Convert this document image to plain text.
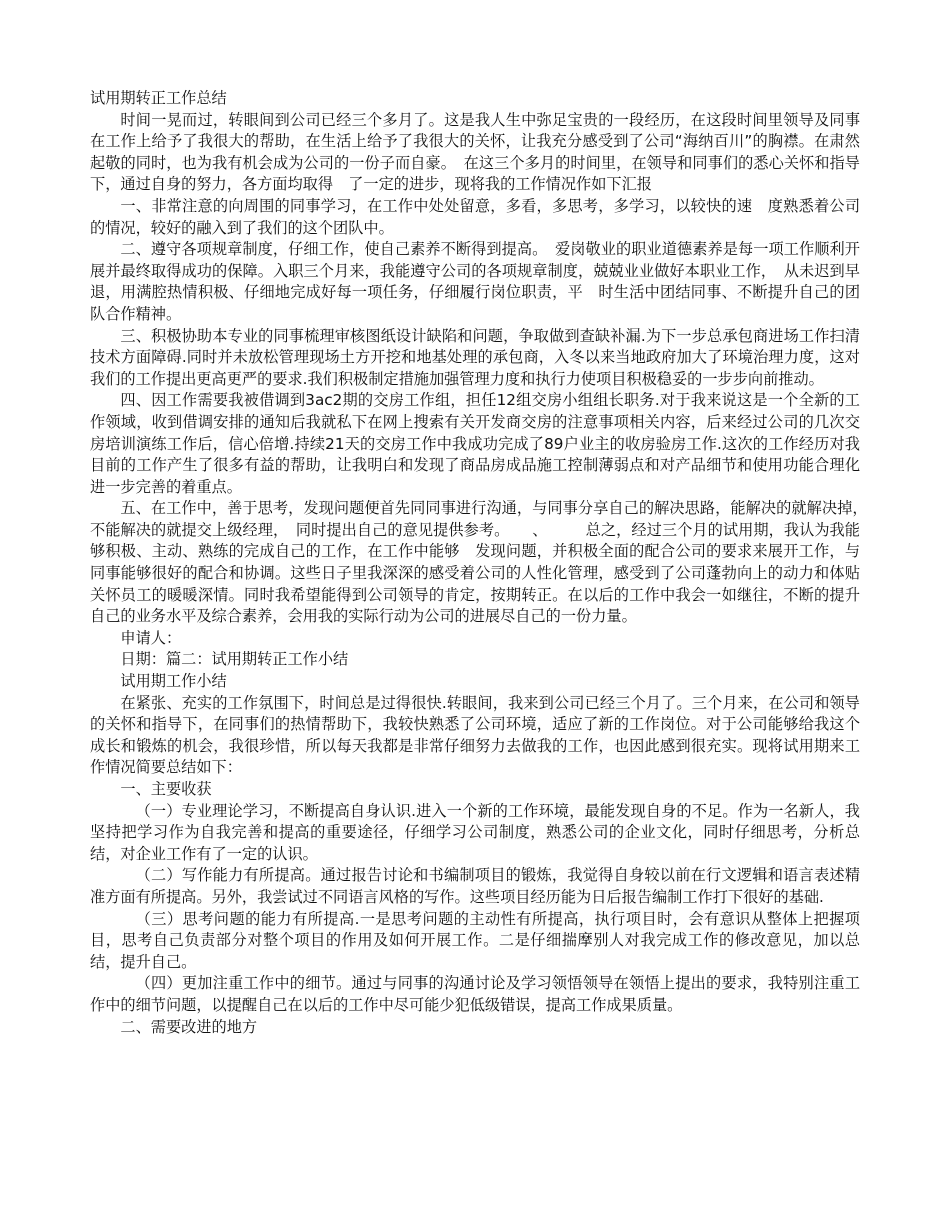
试用期转正工作总结

时间一晃而过，转眼间到公司已经三个多月了。这是我人生中弥足宝贵的一段经历，在这段时间里领导及同事在工作上给予了我很大的帮助，在生活上给予了我很大的关怀，让我充分感受到了公司“海纳百川”的胸襟。在肃然起敬的同时，也为我有机会成为公司的一份子而自豪。　在这三个多月的时间里，在领导和同事们的悉心关怀和指导下，通过自身的努力，各方面均取得　了一定的进步，现将我的工作情况作如下汇报

一、非常注意的向周围的同事学习，在工作中处处留意，多看，多思考，多学习，以较快的速　度熟悉着公司的情况，较好的融入到了我们的这个团队中。

二、遵守各项规章制度，仔细工作，使自己素养不断得到提高。　爱岗敬业的职业道德素养是每一项工作顺利开展并最终取得成功的保障。入职三个月来，我能遵守公司的各项规章制度，兢兢业业做好本职业工作，　从未迟到早退，用满腔热情积极、仔细地完成好每一项任务，仔细履行岗位职责，平　时生活中团结同事、不断提升自己的团队合作精神。

三、积极协助本专业的同事梳理审核图纸设计缺陷和问题，争取做到查缺补漏.为下一步总承包商进场工作扫清技术方面障碍.同时并未放松管理现场土方开挖和地基处理的承包商，入冬以来当地政府加大了环境治理力度，这对我们的工作提出更高更严的要求.我们积极制定措施加强管理力度和执行力使项目积极稳妥的一步步向前推动。

四、因工作需要我被借调到3ac2期的交房工作组，担任12组交房小组组长职务.对于我来说这是一个全新的工作领域，收到借调安排的通知后我就私下在网上搜索有关开发商交房的注意事项相关内容，后来经过公司的几次交房培训演练工作后，信心倍增.持续21天的交房工作中我成功完成了89户业主的收房验房工作.这次的工作经历对我目前的工作产生了很多有益的帮助，让我明白和发现了商品房成品施工控制薄弱点和对产品细节和使用功能合理化进一步完善的着重点。

五、在工作中，善于思考，发现问题便首先同同事进行沟通，与同事分享自己的解决思路，能解决的就解决掉，　不能解决的就提交上级经理，　同时提出自己的意见提供参考。　　、　　　总之，经过三个月的试用期，我认为我能够积极、主动、熟练的完成自己的工作，在工作中能够　发现问题，并积极全面的配合公司的要求来展开工作，与同事能够很好的配合和协调。这些日子里我深深的感受着公司的人性化管理，感受到了公司蓬勃向上的动力和体贴关怀员工的暖暖深情。同时我希望能得到公司领导的肯定，按期转正。在以后的工作中我会一如继往，不断的提升自己的业务水平及综合素养，会用我的实际行动为公司的进展尽自己的一份力量。

申请人：

日期：篇二：试用期转正工作小结

试用期工作小结

在紧张、充实的工作氛围下，时间总是过得很快.转眼间，我来到公司已经三个月了。三个月来，在公司和领导的关怀和指导下，在同事们的热情帮助下，我较快熟悉了公司环境，适应了新的工作岗位。对于公司能够给我这个成长和锻炼的机会，我很珍惜，所以每天我都是非常仔细努力去做我的工作，也因此感到很充实。现将试用期来工作情况简要总结如下：

一、主要收获

（一）专业理论学习，不断提高自身认识.进入一个新的工作环境，最能发现自身的不足。作为一名新人，我坚持把学习作为自我完善和提高的重要途径，仔细学习公司制度，熟悉公司的企业文化，同时仔细思考，分析总结，对企业工作有了一定的认识。

（二）写作能力有所提高。通过报告讨论和书编制项目的锻炼，我觉得自身较以前在行文逻辑和语言表述精准方面有所提高。另外，我尝试过不同语言风格的写作。这些项目经历能为日后报告编制工作打下很好的基础.

（三）思考问题的能力有所提高.一是思考问题的主动性有所提高，执行项目时，会有意识从整体上把握项目，思考自己负责部分对整个项目的作用及如何开展工作。二是仔细揣摩别人对我完成工作的修改意见，加以总结，提升自己。

（四）更加注重工作中的细节。通过与同事的沟通讨论及学习领悟领导在领悟上提出的要求，我特别注重工作中的细节问题，以提醒自己在以后的工作中尽可能少犯低级错误，提高工作成果质量。

二、需要改进的地方
